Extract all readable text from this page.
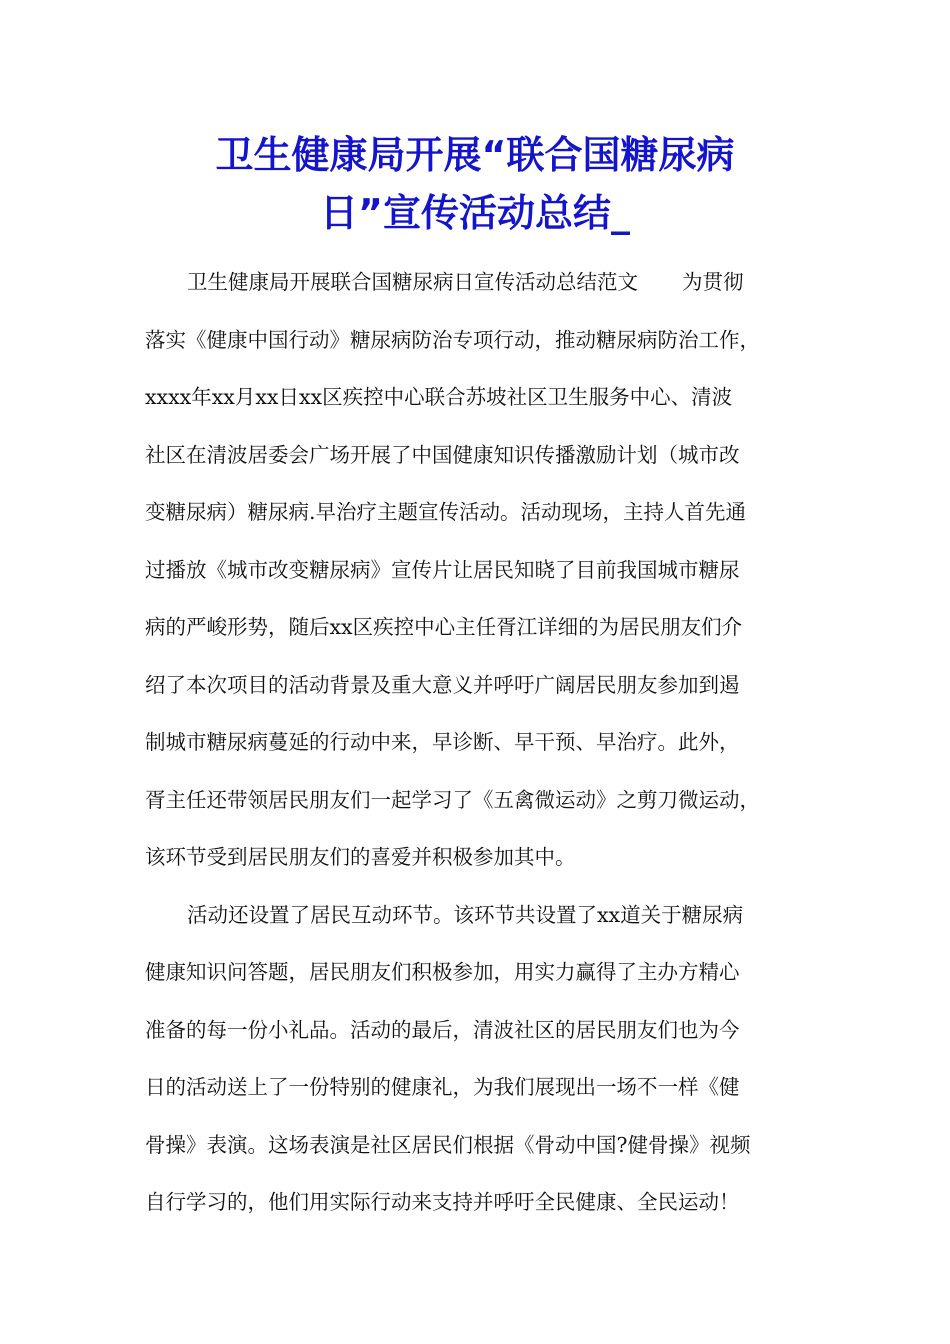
卫生健康局开展“联合国糖尿病
日”宣传活动总结_
卫生健康局开展联合国糖尿病日宣传活动总结范文 为贯彻
落实《健康中国行动》糖尿病防治专项行动，推动糖尿病防治工作，
xxxx年xx月xx日xx区疾控中心联合苏坡社区卫生服务中心、清波
社区在清波居委会广场开展了中国健康知识传播激励计划（城市改
变糖尿病）糖尿病.早治疗主题宣传活动。活动现场，主持人首先通
过播放《城市改变糖尿病》宣传片让居民知晓了目前我国城市糖尿
病的严峻形势，随后xx区疾控中心主任胥江详细的为居民朋友们介
绍了本次项目的活动背景及重大意义并呼吁广阔居民朋友参加到遏
制城市糖尿病蔓延的行动中来，早诊断、早干预、早治疗。此外，
胥主任还带领居民朋友们一起学习了《五禽微运动》之剪刀微运动，
该环节受到居民朋友们的喜爱并积极参加其中。
活动还设置了居民互动环节。该环节共设置了xx道关于糖尿病
健康知识问答题，居民朋友们积极参加，用实力赢得了主办方精心
准备的每一份小礼品。活动的最后，清波社区的居民朋友们也为今
日的活动送上了一份特别的健康礼，为我们展现出一场不一样《健
骨操》表演。这场表演是社区居民们根据《骨动中国?健骨操》视频
自行学习的，他们用实际行动来支持并呼吁全民健康、全民运动！
